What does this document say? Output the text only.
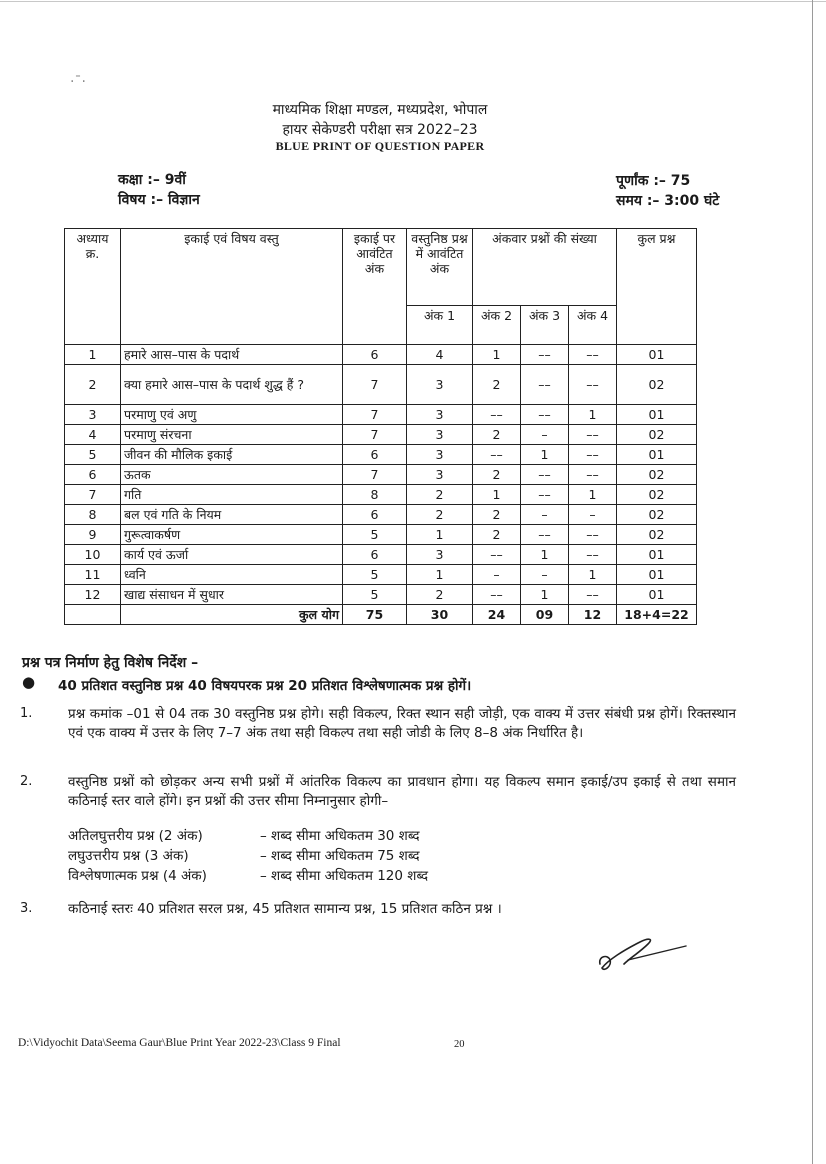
·ˉ·
माध्यमिक शिक्षा मण्डल, मध्यप्रदेश, भोपाल
हायर सेकेण्डरी परीक्षा सत्र 2022–23
BLUE PRINT OF QUESTION PAPER
कक्षा :– 9वीं
विषय :– विज्ञान
पूर्णांक :– 75
समय :– 3:00 घंटे
अध्याय क्र.	इकाई एवं विषय वस्तु	इकाई पर आवंटित अंक	वस्तुनिष्ठ प्रश्न में आवंटित अंक	अंकवार प्रश्नों की संख्या			कुल प्रश्न
			अंक 1	अंक 2	अंक 3	अंक 4	
1	हमारे आस–पास के पदार्थ	6	4	1	––	––	01
2	क्या हमारे आस–पास के पदार्थ शुद्ध हैं ?	7	3	2	––	––	02
3	परमाणु एवं अणु	7	3	––	––	1	01
4	परमाणु संरचना	7	3	2	–	––	02
5	जीवन की मौलिक इकाई	6	3	––	1	––	01
6	ऊतक	7	3	2	––	––	02
7	गति	8	2	1	––	1	02
8	बल एवं गति के नियम	6	2	2	–	–	02
9	गुरूत्वाकर्षण	5	1	2	––	––	02
10	कार्य एवं ऊर्जा	6	3	––	1	––	01
11	ध्वनि	5	1	–	–	1	01
12	खाद्य संसाधन में सुधार	5	2	––	1	––	01
	कुल योग	75	30	24	09	12	18+4=22
प्रश्न पत्र निर्माण हेतु विशेष निर्देश –
● 40 प्रतिशत वस्तुनिष्ठ प्रश्न 40 विषयपरक प्रश्न 20 प्रतिशत विश्लेषणात्मक प्रश्न होगें।
1.	प्रश्न कमांक –01 से 04 तक 30 वस्तुनिष्ठ प्रश्न होगे। सही विकल्प, रिक्त स्थान सही जोड़ी, एक वाक्य में उत्तर संबंधी प्रश्न होगें। रिक्तस्थान एवं एक वाक्य में उत्तर के लिए 7–7 अंक तथा सही विकल्प तथा सही जोडी के लिए 8–8 अंक निर्धारित है।
2.	वस्तुनिष्ठ प्रश्नों को छोड़कर अन्य सभी प्रश्नों में आंतरिक विकल्प का प्रावधान होगा। यह विकल्प समान इकाई/उप इकाई से तथा समान कठिनाई स्तर वाले होंगे। इन प्रश्नों की उत्तर सीमा निम्नानुसार होगी–
अतिलघुत्तरीय प्रश्न (2 अंक)	– शब्द सीमा अधिकतम 30 शब्द
लघुउत्तरीय प्रश्न (3 अंक)	– शब्द सीमा अधिकतम 75 शब्द
विश्लेषणात्मक प्रश्न (4 अंक)	– शब्द सीमा अधिकतम 120 शब्द
3.	कठिनाई स्तरः 40 प्रतिशत सरल प्रश्न, 45 प्रतिशत सामान्य प्रश्न, 15 प्रतिशत कठिन प्रश्न ।
D:\Vidyochit Data\Seema Gaur\Blue Print Year 2022-23\Class 9 Final	20
